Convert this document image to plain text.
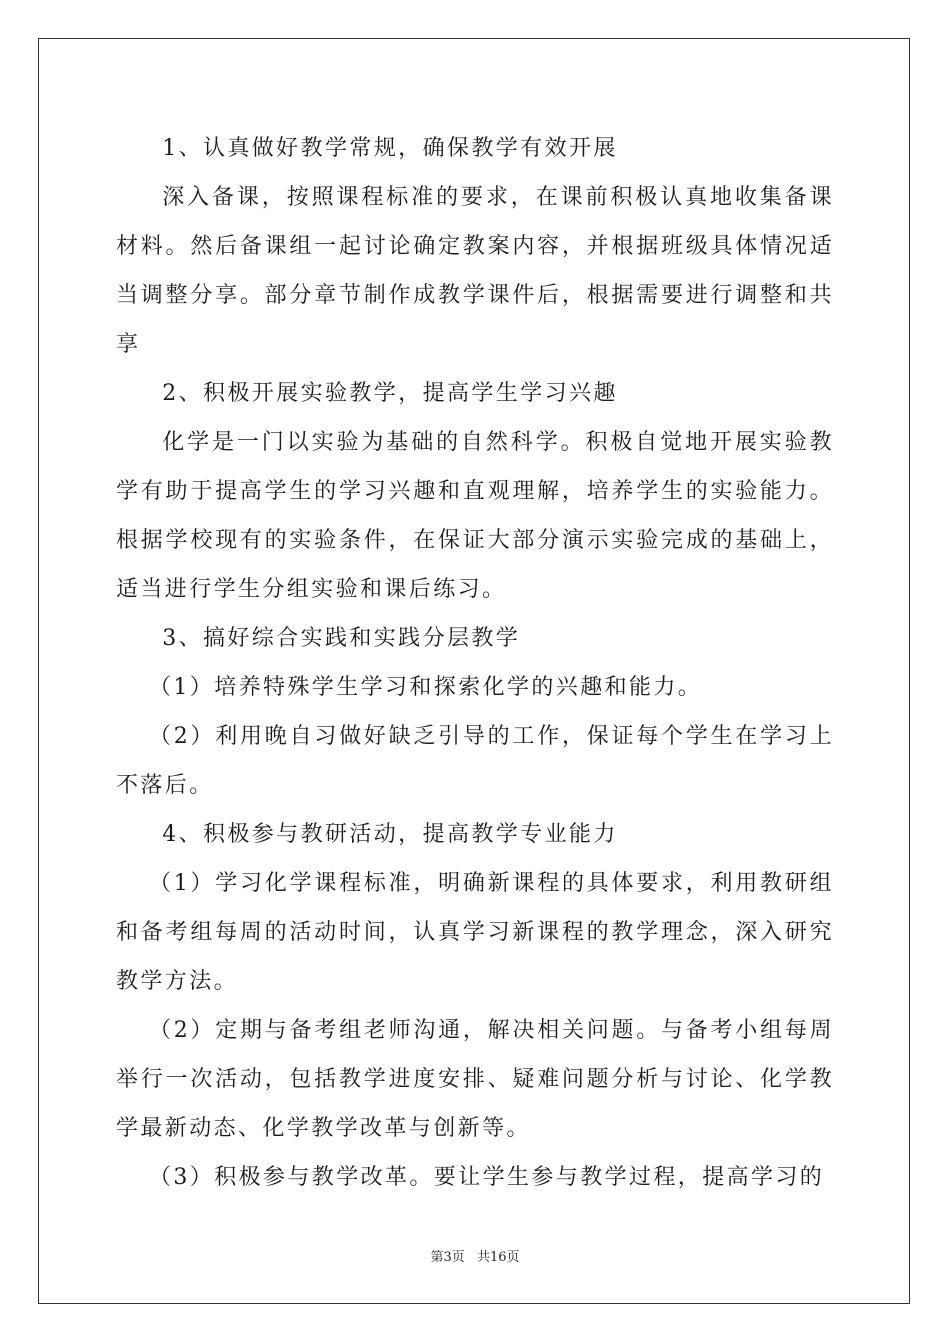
1、认真做好教学常规，确保教学有效开展

深入备课，按照课程标准的要求，在课前积极认真地收集备课材料。然后备课组一起讨论确定教案内容，并根据班级具体情况适当调整分享。部分章节制作成教学课件后，根据需要进行调整和共享

2、积极开展实验教学，提高学生学习兴趣

化学是一门以实验为基础的自然科学。积极自觉地开展实验教学有助于提高学生的学习兴趣和直观理解，培养学生的实验能力。根据学校现有的实验条件，在保证大部分演示实验完成的基础上，适当进行学生分组实验和课后练习。

3、搞好综合实践和实践分层教学

（1）培养特殊学生学习和探索化学的兴趣和能力。

（2）利用晚自习做好缺乏引导的工作，保证每个学生在学习上不落后。

4、积极参与教研活动，提高教学专业能力

（1）学习化学课程标准，明确新课程的具体要求，利用教研组和备考组每周的活动时间，认真学习新课程的教学理念，深入研究教学方法。

（2）定期与备考组老师沟通，解决相关问题。与备考小组每周举行一次活动，包括教学进度安排、疑难问题分析与讨论、化学教学最新动态、化学教学改革与创新等。

（3）积极参与教学改革。要让学生参与教学过程，提高学习的

第3页 共16页
